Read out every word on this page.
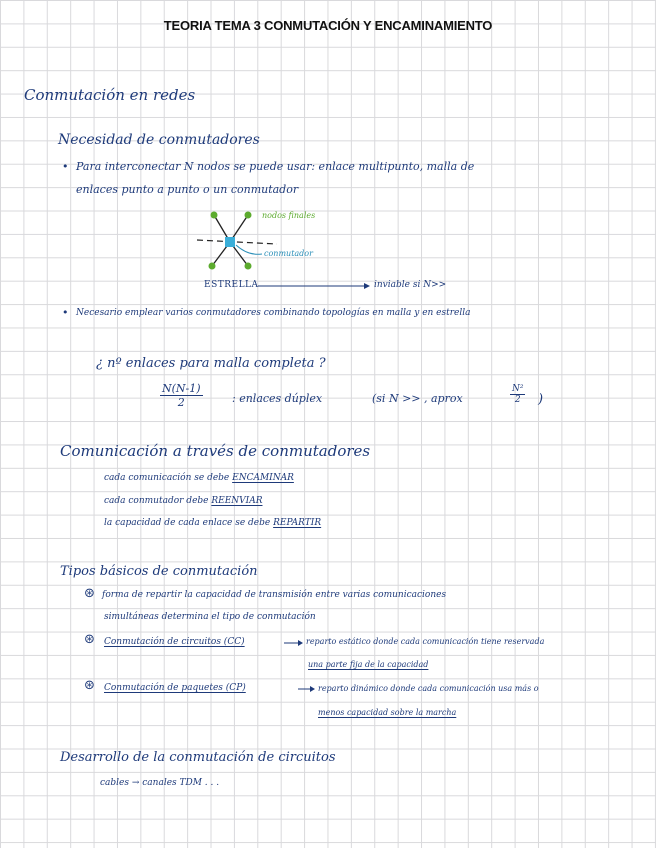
TEORIA TEMA 3 CONMUTACIÓN Y ENCAMINAMIENTO
Conmutación en redes
Necesidad de conmutadores
• Para interconectar N nodos se puede usar: enlace multipunto, malla de
enlaces punto a punto o un conmutador
nodos finales
conmutador
ESTRELLA	inviable si N>>
• Necesario emplear varios conmutadores combinando topologías en malla y en estrella
¿ nº enlaces para malla completa ?
$\frac{N(N-1)}{2}$	: enlaces dúplex	(si N >> , aprox	$\frac{\text{N²}}{2}$ )
Comunicación a través de conmutadores
cada comunicación se debe ENCAMINAR
cada conmutador debe REENVIAR
la capacidad de cada enlace se debe REPARTIR
Tipos básicos de conmutación
⊛ forma de repartir la capacidad de transmisión entre varias comunicaciones
simultáneas determina el tipo de conmutación
⊛ Conmutación de circuitos (CC)	reparto estático donde cada comunicación tiene reservada
una parte fija de la capacidad
⊛ Conmutación de paquetes (CP)	reparto dinámico donde cada comunicación usa más o
menos capacidad sobre la marcha
Desarrollo de la conmutación de circuitos
cables → canales TDM . . .
